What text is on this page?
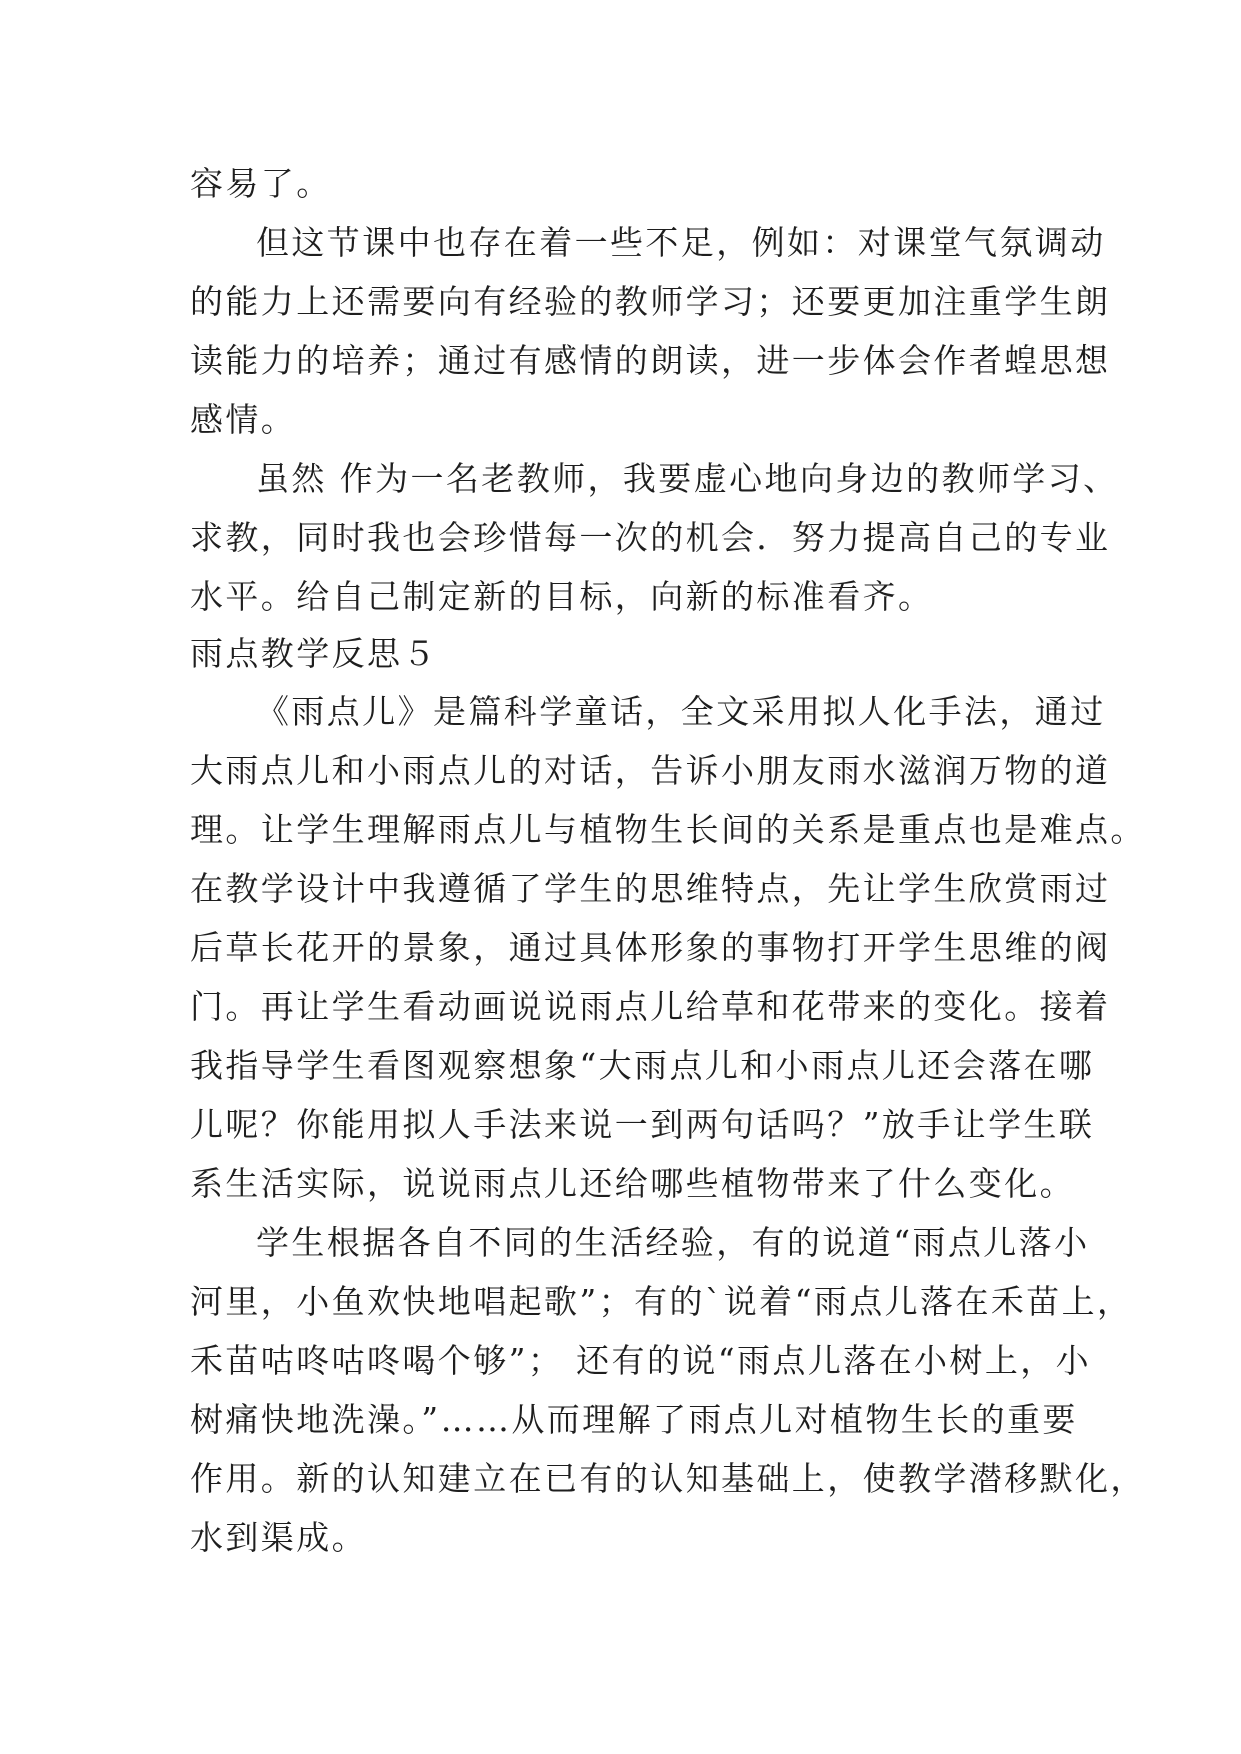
容易了。
但这节课中也存在着一些不足，例如：对课堂气氛调动
的能力上还需要向有经验的教师学习；还要更加注重学生朗
读能力的培养；通过有感情的朗读，进一步体会作者蝗思想
感情。
虽然 作为一名老教师，我要虚心地向身边的教师学习、
求教，同时我也会珍惜每一次的机会．努力提高自己的专业
水平。给自己制定新的目标，向新的标准看齐。
雨点教学反思５
《雨点儿》是篇科学童话，全文采用拟人化手法，通过
大雨点儿和小雨点儿的对话，告诉小朋友雨水滋润万物的道
理。让学生理解雨点儿与植物生长间的关系是重点也是难点。
在教学设计中我遵循了学生的思维特点，先让学生欣赏雨过
后草长花开的景象，通过具体形象的事物打开学生思维的阀
门。再让学生看动画说说雨点儿给草和花带来的变化。接着
我指导学生看图观察想象“大雨点儿和小雨点儿还会落在哪
儿呢？你能用拟人手法来说一到两句话吗？”放手让学生联
系生活实际，说说雨点儿还给哪些植物带来了什么变化。
学生根据各自不同的生活经验，有的说道“雨点儿落小
河里，小鱼欢快地唱起歌”；有的`说着“雨点儿落在禾苗上，
禾苗咕咚咕咚喝个够”； 还有的说“雨点儿落在小树上，小
树痛快地洗澡。”……从而理解了雨点儿对植物生长的重要
作用。新的认知建立在已有的认知基础上，使教学潜移默化，
水到渠成。
